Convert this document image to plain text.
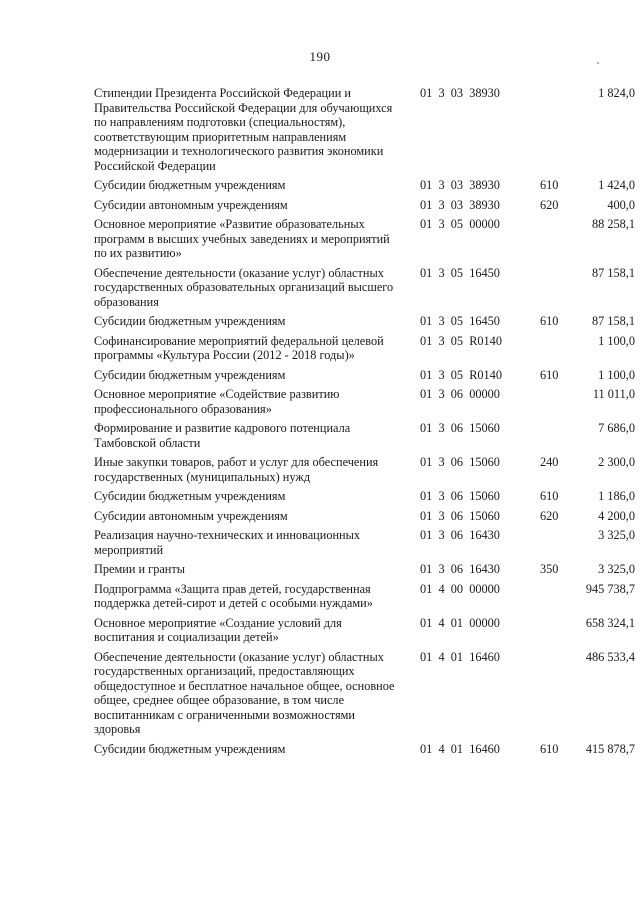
190
Стипендии Президента Российской Федерации и Правительства Российской Федерации для обучающихся по направлениям подготовки (специальностям), соответствующим приоритетным направлениям модернизации и технологического развития экономики Российской Федерации	01  3  03  38930		1 824,0
Субсидии бюджетным учреждениям	01  3  03  38930	610	1 424,0
Субсидии автономным учреждениям	01  3  03  38930	620	400,0
Основное мероприятие «Развитие образовательных программ в высших учебных заведениях и мероприятий по их развитию»	01  3  05  00000		88 258,1
Обеспечение деятельности (оказание услуг) областных государственных образовательных организаций высшего образования	01  3  05  16450		87 158,1
Субсидии бюджетным учреждениям	01  3  05  16450	610	87 158,1
Софинансирование мероприятий федеральной целевой программы «Культура России (2012 - 2018 годы)»	01  3  05  R0140		1 100,0
Субсидии бюджетным учреждениям	01  3  05  R0140	610	1 100,0
Основное мероприятие «Содействие развитию профессионального образования»	01  3  06  00000		11 011,0
Формирование и развитие кадрового потенциала Тамбовской области	01  3  06  15060		7 686,0
Иные закупки товаров, работ и услуг для обеспечения государственных (муниципальных) нужд	01  3  06  15060	240	2 300,0
Субсидии бюджетным учреждениям	01  3  06  15060	610	1 186,0
Субсидии автономным учреждениям	01  3  06  15060	620	4 200,0
Реализация научно-технических и инновационных мероприятий	01  3  06  16430		3 325,0
Премии и гранты	01  3  06  16430	350	3 325,0
Подпрограмма «Защита прав детей, государственная поддержка детей-сирот и детей с особыми нуждами»	01  4  00  00000		945 738,7
Основное мероприятие «Создание условий для воспитания и социализации детей»	01  4  01  00000		658 324,1
Обеспечение деятельности (оказание услуг) областных государственных организаций, предоставляющих общедоступное и бесплатное начальное общее, основное общее, среднее общее образование, в том числе воспитанникам с ограниченными возможностями здоровья	01  4  01  16460		486 533,4
Субсидии бюджетным учреждениям	01  4  01  16460	610	415 878,7
